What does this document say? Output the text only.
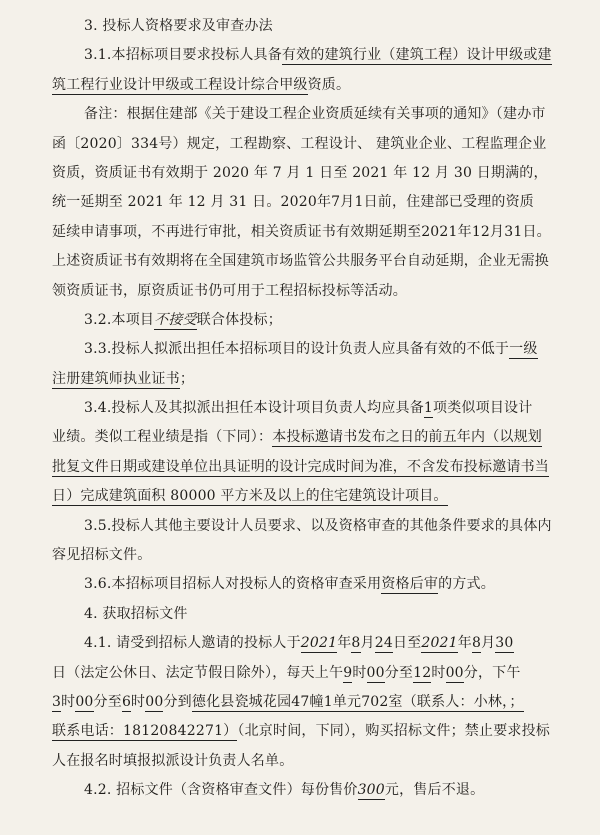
3. 投标人资格要求及审查办法
3.1.本招标项目要求投标人具备有效的建筑行业（建筑工程）设计甲级或建
筑工程行业设计甲级或工程设计综合甲级资质。
备注：根据住建部《关于建设工程企业资质延续有关事项的通知》（建办市
函〔2020〕334号）规定，工程勘察、工程设计、 建筑业企业、工程监理企业
资质，资质证书有效期于 2020 年 7 月 1 日至 2021 年 12 月 30 日期满的，
统一延期至 2021 年 12 月 31 日。2020年7月1日前，住建部已受理的资质
延续申请事项，不再进行审批，相关资质证书有效期延期至2021年12月31日。
上述资质证书有效期将在全国建筑市场监管公共服务平台自动延期，企业无需换
领资质证书，原资质证书仍可用于工程招标投标等活动。
3.2.本项目不接受联合体投标；
3.3.投标人拟派出担任本招标项目的设计负责人应具备有效的不低于一级
注册建筑师执业证书；
3.4.投标人及其拟派出担任本设计项目负责人均应具备1项类似项目设计
业绩。类似工程业绩是指（下同）：本投标邀请书发布之日的前五年内（以规划
批复文件日期或建设单位出具证明的设计完成时间为准，不含发布投标邀请书当
日）完成建筑面积 80000 平方米及以上的住宅建筑设计项目。
3.5.投标人其他主要设计人员要求、以及资格审查的其他条件要求的具体内
容见招标文件。
3.6.本招标项目招标人对投标人的资格审查采用资格后审的方式。
4. 获取招标文件
4.1. 请受到招标人邀请的投标人于2021年8月24日至2021年8月30
日（法定公休日、法定节假日除外），每天上午9时00分至12时00分，下午
3时00分至6时00分到德化县瓷城花园47幢1单元702室（联系人：小林，；
联系电话：18120842271）（北京时间，下同），购买招标文件；禁止要求投标
人在报名时填报拟派设计负责人名单。
4.2. 招标文件（含资格审查文件）每份售价300元，售后不退。
